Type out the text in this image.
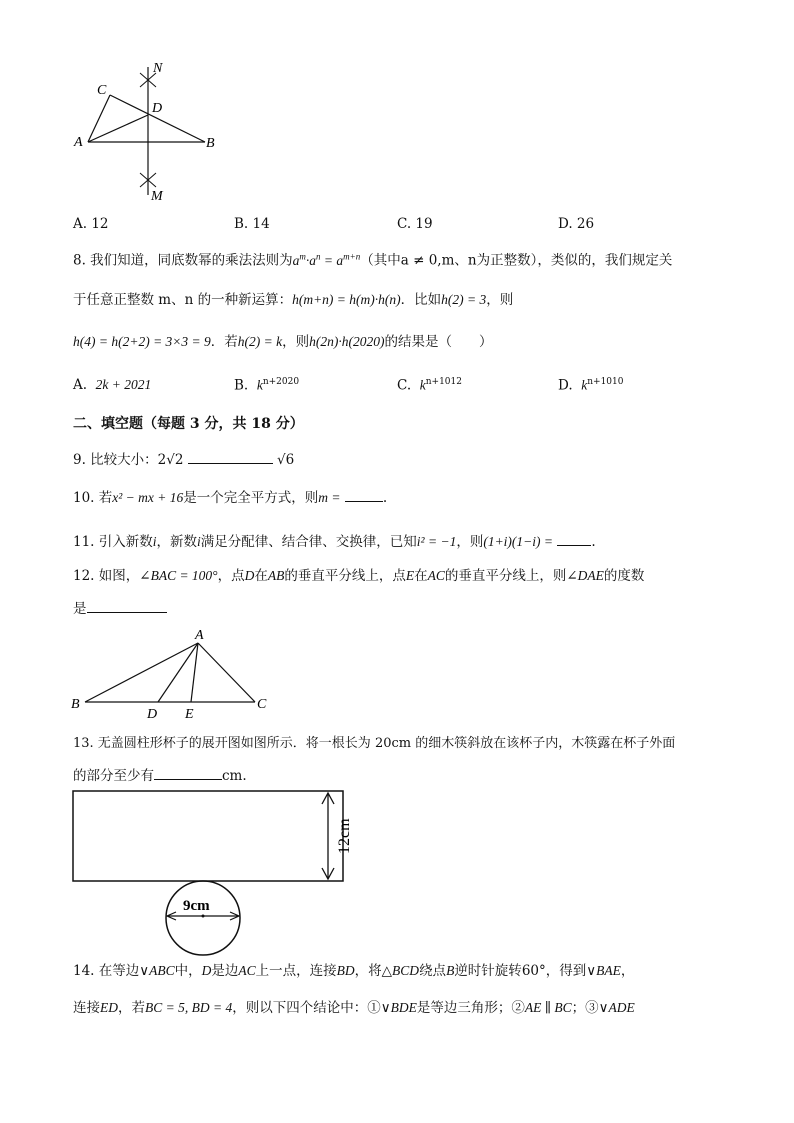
C
D
N
A	B
M
A. 12	B. 14	C. 19	D. 26
8. 我们知道，同底数幂的乘法法则为$a^m\cdot a^n = a^{m+n}$（其中a ≠ 0,m、n为正整数），类似的，我们规定关
于任意正整数 m、n 的一种新运算：h(m+n) = h(m)·h(n)．比如h(2) = 3，则
h(4) = h(2+2) = 3×3 = 9．若h(2) = k，则h(2n)·h(2020)的结果是（　　）
A. 2k + 2021	B. $k^{n+2020}$	C. $k^{n+1012}$	D. $k^{n+1010}$
二、填空题（每题 3 分，共 18 分）
9. 比较大小：2√2	√6
10. 若x² − mx + 16是一个完全平方式，则m =	.
11. 引入新数i，新数i满足分配律、结合律、交换律，已知i² = −1，则(1+i)(1−i) =	.
12. 如图，∠BAC = 100°，点D在AB的垂直平分线上，点E在AC的垂直平分线上，则∠DAE的度数
是
A
B
D E
C
13. 无盖圆柱形杯子的展开图如图所示．将一根长为 20cm 的细木筷斜放在该杯子内，木筷露在杯子外面
的部分至少有	cm.
12cm
9cm
14. 在等边∨ABC中，D是边AC上一点，连接BD，将△BCD绕点B逆时针旋转60°，得到∨BAE，
连接ED，若BC = 5, BD = 4，则以下四个结论中：①∨BDE是等边三角形；②AE ∥ BC；③∨ADE
